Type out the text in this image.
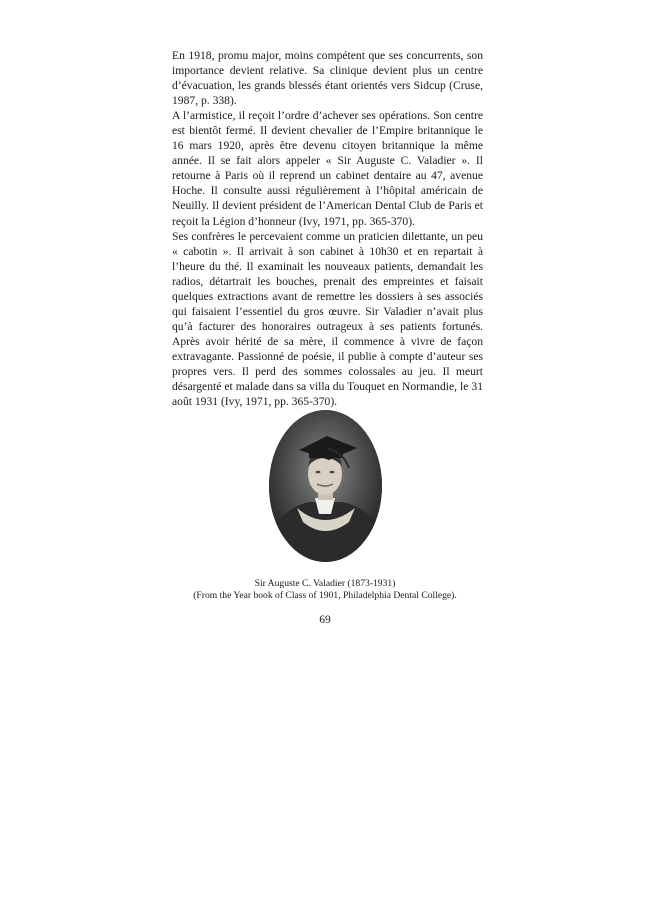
En 1918, promu major, moins compétent que ses concurrents, son importance devient relative. Sa clinique devient plus un centre d’évacuation, les grands blessés étant orientés vers Sidcup (Cruse, 1987, p. 338).

A l’armistice, il reçoit l’ordre d’achever ses opérations. Son centre est bientôt fermé. Il devient chevalier de l’Empire britannique le 16 mars 1920, après être devenu citoyen britannique la même année. Il se fait alors appeler « Sir Auguste C. Valadier ». Il retourne à Paris où il reprend un cabinet dentaire au 47, avenue Hoche. Il consulte aussi régulièrement à l’hôpital américain de Neuilly. Il devient président de l’American Dental Club de Paris et reçoit la Légion d’honneur (Ivy, 1971, pp. 365-370).

Ses confrères le percevaient comme un praticien dilettante, un peu « cabotin ». Il arrivait à son cabinet à 10h30 et en repartait à l’heure du thé. Il examinait les nouveaux patients, demandait les radios, détartrait les bouches, prenait des empreintes et faisait quelques extractions avant de remettre les dossiers à ses associés qui faisaient l’essentiel du gros œuvre. Sir Valadier n’avait plus qu’à facturer des honoraires outrageux à ses patients fortunés. Après avoir hérité de sa mère, il commence à vivre de façon extravagante. Passionné de poésie, il publie à compte d’auteur ses propres vers. Il perd des sommes colossales au jeu. Il meurt désargenté et malade dans sa villa du Touquet en Normandie, le 31 août 1931 (Ivy, 1971, pp. 365-370).

Sir Auguste C. Valadier (1873-1931)
(From the Year book of Class of 1901, Philadelphia Dental College).
69
